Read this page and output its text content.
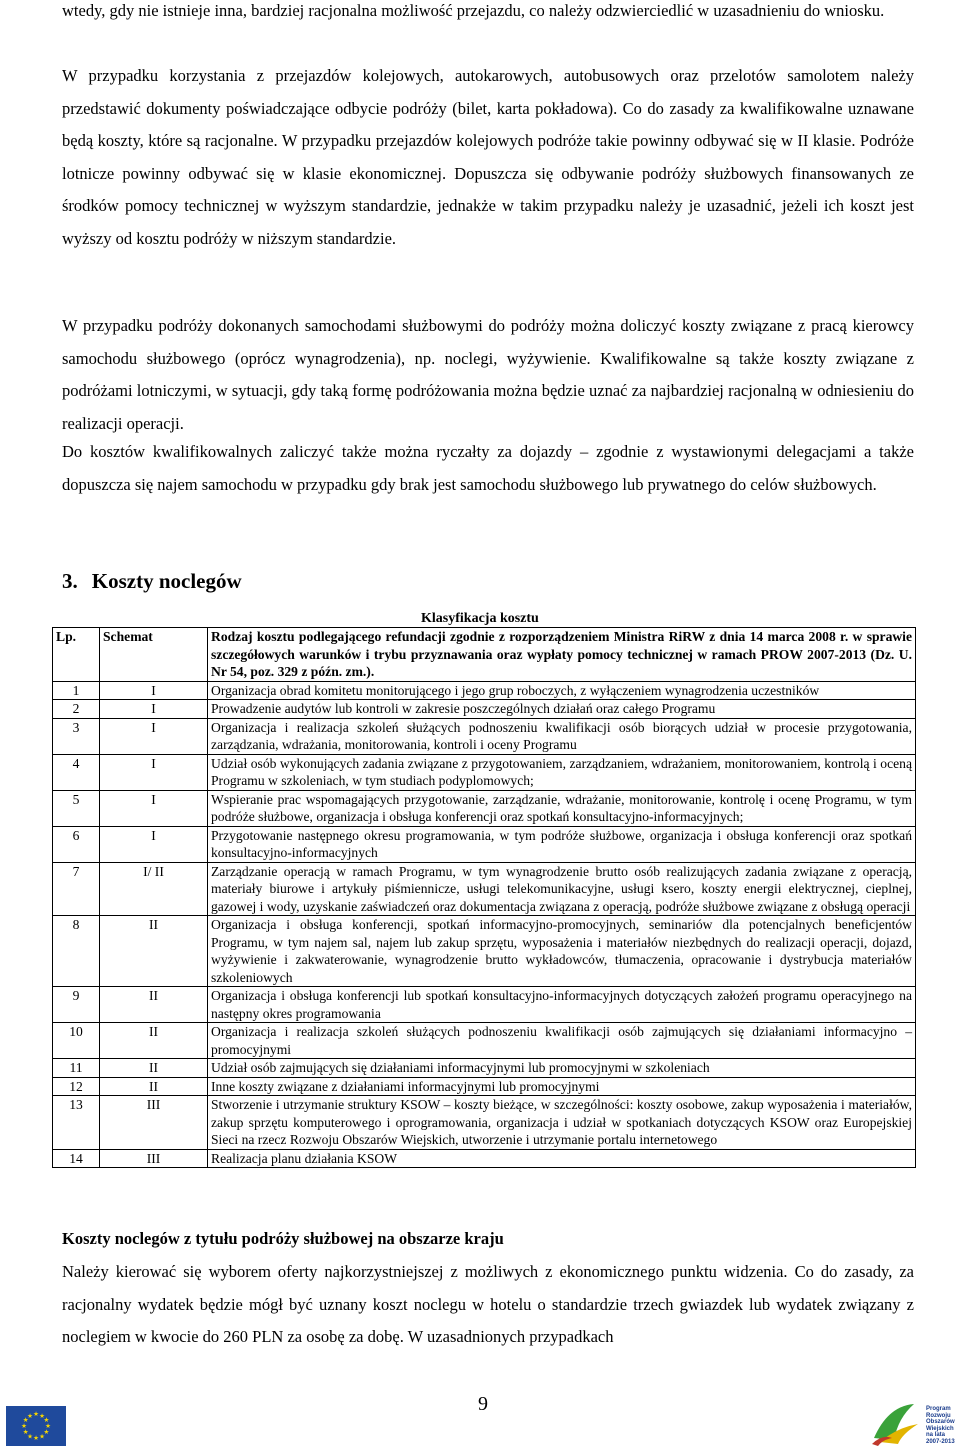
wtedy, gdy nie istnieje inna, bardziej racjonalna możliwość przejazdu, co należy odzwierciedlić w uzasadnieniu do wniosku.

W przypadku korzystania z przejazdów kolejowych, autokarowych, autobusowych oraz przelotów samolotem należy przedstawić dokumenty poświadczające odbycie podróży (bilet, karta pokładowa). Co do zasady za kwalifikowalne uznawane będą koszty, które są racjonalne. W przypadku przejazdów kolejowych podróże takie powinny odbywać się w II klasie. Podróże lotnicze powinny odbywać się w klasie ekonomicznej. Dopuszcza się odbywanie podróży służbowych finansowanych ze środków pomocy technicznej w wyższym standardzie, jednakże w takim przypadku należy je uzasadnić, jeżeli ich koszt jest wyższy od kosztu podróży w niższym standardzie.

W przypadku podróży dokonanych samochodami służbowymi do podróży można doliczyć koszty związane z pracą kierowcy samochodu służbowego (oprócz wynagrodzenia), np. noclegi, wyżywienie. Kwalifikowalne są także koszty związane z podróżami lotniczymi, w sytuacji, gdy taką formę podróżowania można będzie uznać za najbardziej racjonalną w odniesieniu do realizacji operacji.

Do kosztów kwalifikowalnych zaliczyć także można ryczałty za dojazdy – zgodnie z wystawionymi delegacjami a także dopuszcza się najem samochodu w przypadku gdy brak jest samochodu służbowego lub prywatnego do celów służbowych.

3. Koszty noclegów
Klasyfikacja kosztu
Lp.	Schemat	Rodzaj kosztu podlegającego refundacji zgodnie z rozporządzeniem Ministra RiRW z dnia 14 marca 2008 r. w sprawie szczegółowych warunków i trybu przyznawania oraz wypłaty pomocy technicznej w ramach PROW 2007-2013 (Dz. U. Nr 54, poz. 329 z późn. zm.).
1	I	Organizacja obrad komitetu monitorującego i jego grup roboczych, z wyłączeniem wynagrodzenia uczestników
2	I	Prowadzenie audytów lub kontroli w zakresie poszczególnych działań oraz całego Programu
3	I	Organizacja i realizacja szkoleń służących podnoszeniu kwalifikacji osób biorących udział w procesie przygotowania, zarządzania, wdrażania, monitorowania, kontroli i oceny Programu
4	I	Udział osób wykonujących zadania związane z przygotowaniem, zarządzaniem, wdrażaniem, monitorowaniem, kontrolą i oceną Programu w szkoleniach, w tym studiach podyplomowych;
5	I	Wspieranie prac wspomagających przygotowanie, zarządzanie, wdrażanie, monitorowanie, kontrolę i ocenę Programu, w tym podróże służbowe, organizacja i obsługa konferencji oraz spotkań konsultacyjno-informacyjnych;
6	I	Przygotowanie następnego okresu programowania, w tym podróże służbowe, organizacja i obsługa konferencji oraz spotkań konsultacyjno-informacyjnych
7	I/ II	Zarządzanie operacją w ramach Programu, w tym wynagrodzenie brutto osób realizujących zadania związane z operacją, materiały biurowe i artykuły piśmiennicze, usługi telekomunikacyjne, usługi ksero, koszty energii elektrycznej, cieplnej, gazowej i wody, uzyskanie zaświadczeń oraz dokumentacja związana z operacją, podróże służbowe związane z obsługą operacji
8	II	Organizacja i obsługa konferencji, spotkań informacyjno-promocyjnych, seminariów dla potencjalnych beneficjentów Programu, w tym najem sal, najem lub zakup sprzętu, wyposażenia i materiałów niezbędnych do realizacji operacji, dojazd, wyżywienie i zakwaterowanie, wynagrodzenie brutto wykładowców, tłumaczenia, opracowanie i dystrybucja materiałów szkoleniowych
9	II	Organizacja i obsługa konferencji lub spotkań konsultacyjno-informacyjnych dotyczących założeń programu operacyjnego na następny okres programowania
10	II	Organizacja i realizacja szkoleń służących podnoszeniu kwalifikacji osób zajmujących się działaniami informacyjno – promocyjnymi
11	II	Udział osób zajmujących się działaniami informacyjnymi lub promocyjnymi w szkoleniach
12	II	Inne koszty związane z działaniami informacyjnymi lub promocyjnymi
13	III	Stworzenie i utrzymanie struktury KSOW – koszty bieżące, w szczególności: koszty osobowe, zakup wyposażenia i materiałów, zakup sprzętu komputerowego i oprogramowania, organizacja i udział w spotkaniach dotyczących KSOW oraz Europejskiej Sieci na rzecz Rozwoju Obszarów Wiejskich, utworzenie i utrzymanie portalu internetowego
14	III	Realizacja planu działania KSOW
Koszty noclegów z tytułu podróży służbowej na obszarze kraju

Należy kierować się wyborem oferty najkorzystniejszej z możliwych z ekonomicznego punktu widzenia. Co do zasady, za racjonalny wydatek będzie mógł być uznany koszt noclegu w hotelu o standardzie trzech gwiazdek lub wydatek związany z noclegiem w kwocie do 260 PLN za osobę za dobę. W uzasadnionych przypadkach

9
★
★
★
★
★
★
★
★
★ ★ ★
★
Program
Rozwoju
Obszarów
Wiejskich
na lata 2007-2013
